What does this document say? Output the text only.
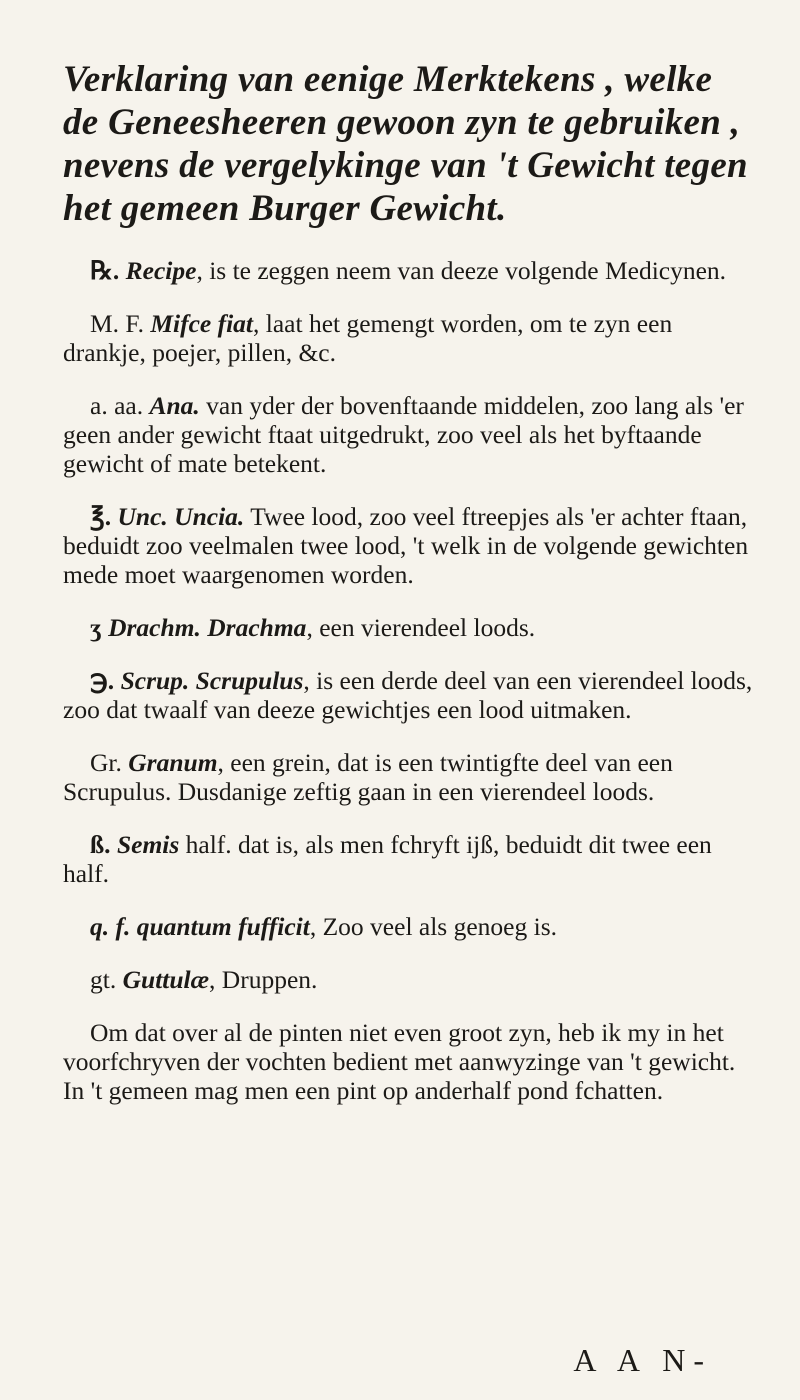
Verklaring van eenige Merktekens , welke
de Geneesheeren gewoon zyn te gebruiken ,
nevens de vergelykinge van 't Gewicht tegen
het gemeen Burger Gewicht.

℞. Recipe, is te zeggen neem van deeze volgende Medicynen.

M. F. Mifce fiat, laat het gemengt worden, om te zyn een drankje, poejer, pillen, &c.

a. aa. Ana. van yder der bovenftaande middelen, zoo lang als 'er geen ander gewicht ftaat uitgedrukt, zoo veel als het byftaande gewicht of mate betekent.

℥. Unc. Uncia. Twee lood, zoo veel ftreepjes als 'er achter ftaan, beduidt zoo veelmalen twee lood, 't welk in de volgende gewichten mede moet waargenomen worden.

ʒ Drachm. Drachma, een vierendeel loods.

℈. Scrup. Scrupulus, is een derde deel van een vierendeel loods, zoo dat twaalf van deeze gewichtjes een lood uitmaken.

Gr. Granum, een grein, dat is een twintigfte deel van een Scrupulus. Dusdanige zeftig gaan in een vierendeel loods.

ß. Semis half. dat is, als men fchryft ijß, beduidt dit twee een half.

q. f. quantum fufficit, Zoo veel als genoeg is.

gt. Guttulæ, Druppen.

Om dat over al de pinten niet even groot zyn, heb ik my in het voorfchryven der vochten bedient met aanwyzinge van 't gewicht. In 't gemeen mag men een pint op anderhalf pond fchatten.

A A N-
